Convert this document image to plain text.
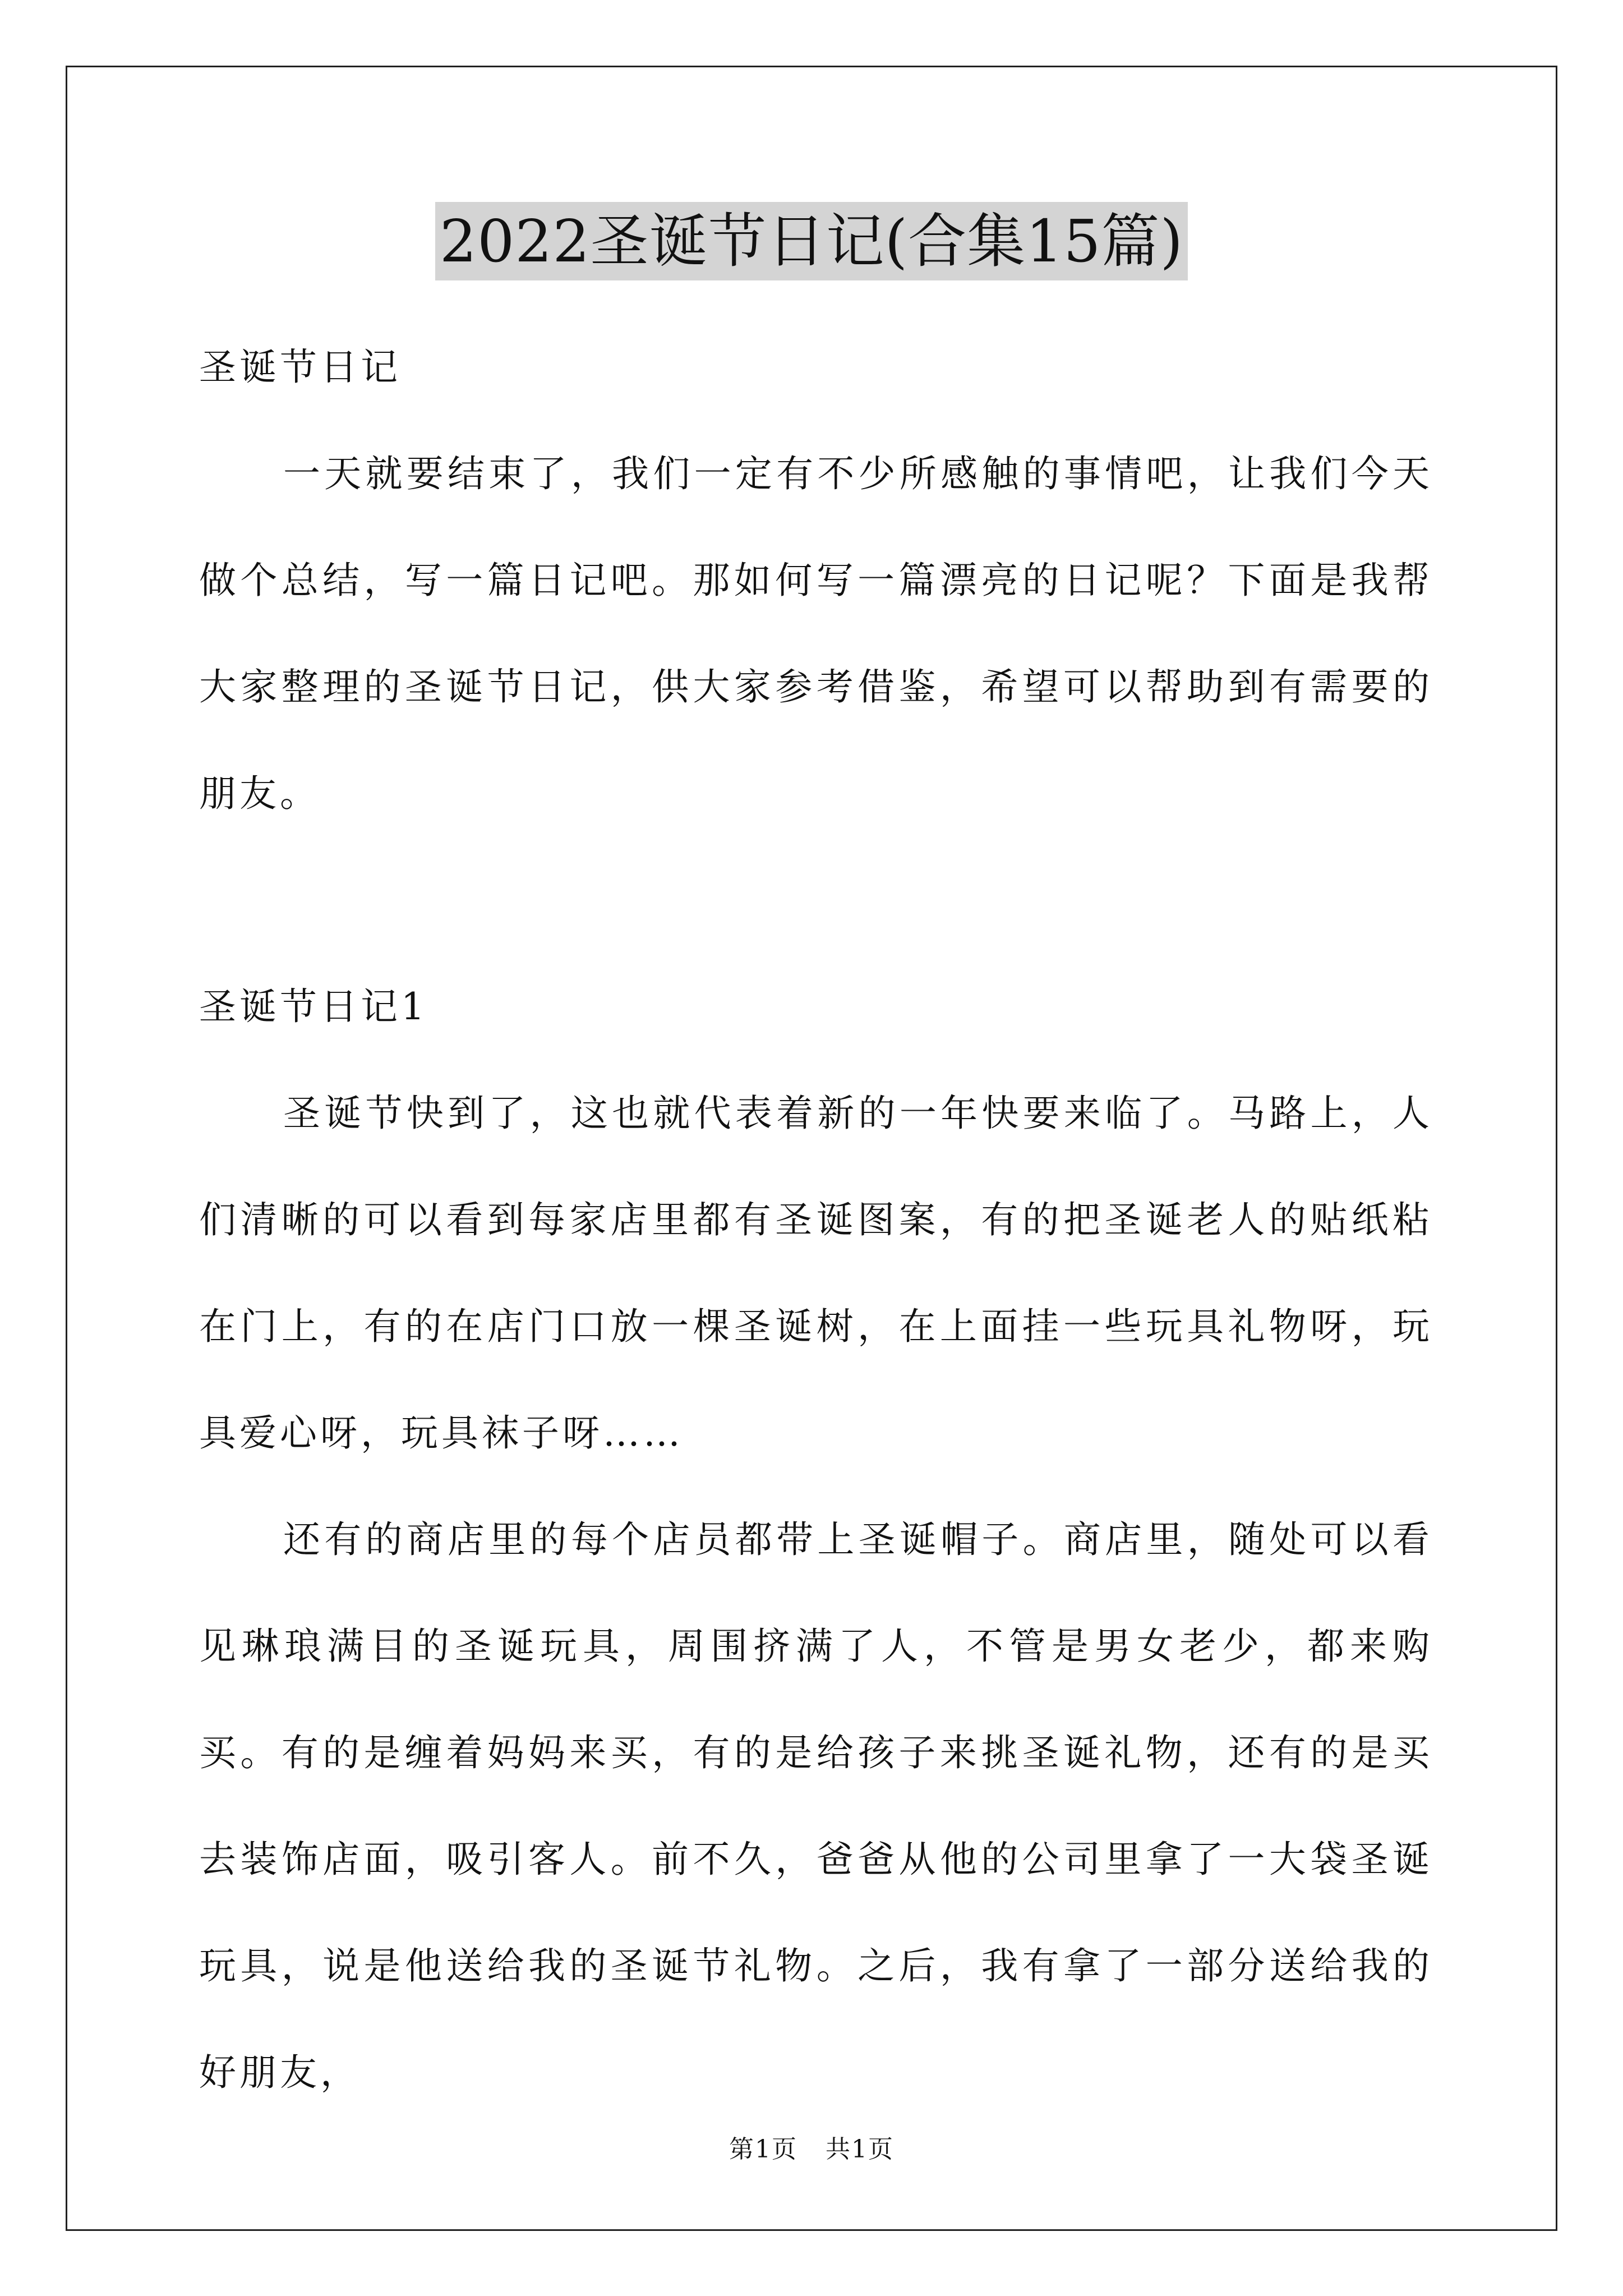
2022圣诞节日记(合集15篇)

圣诞节日记

一天就要结束了，我们一定有不少所感触的事情吧，让我们今天做个总结，写一篇日记吧。那如何写一篇漂亮的日记呢？下面是我帮大家整理的圣诞节日记，供大家参考借鉴，希望可以帮助到有需要的朋友。

圣诞节日记1

圣诞节快到了，这也就代表着新的一年快要来临了。马路上，人们清晰的可以看到每家店里都有圣诞图案，有的把圣诞老人的贴纸粘在门上，有的在店门口放一棵圣诞树，在上面挂一些玩具礼物呀，玩具爱心呀，玩具袜子呀……

还有的商店里的每个店员都带上圣诞帽子。商店里，随处可以看见琳琅满目的圣诞玩具，周围挤满了人，不管是男女老少，都来购买。有的是缠着妈妈来买，有的是给孩子来挑圣诞礼物，还有的是买去装饰店面，吸引客人。前不久，爸爸从他的公司里拿了一大袋圣诞玩具，说是他送给我的圣诞节礼物。之后，我有拿了一部分送给我的好朋友，

第1页 共1页
